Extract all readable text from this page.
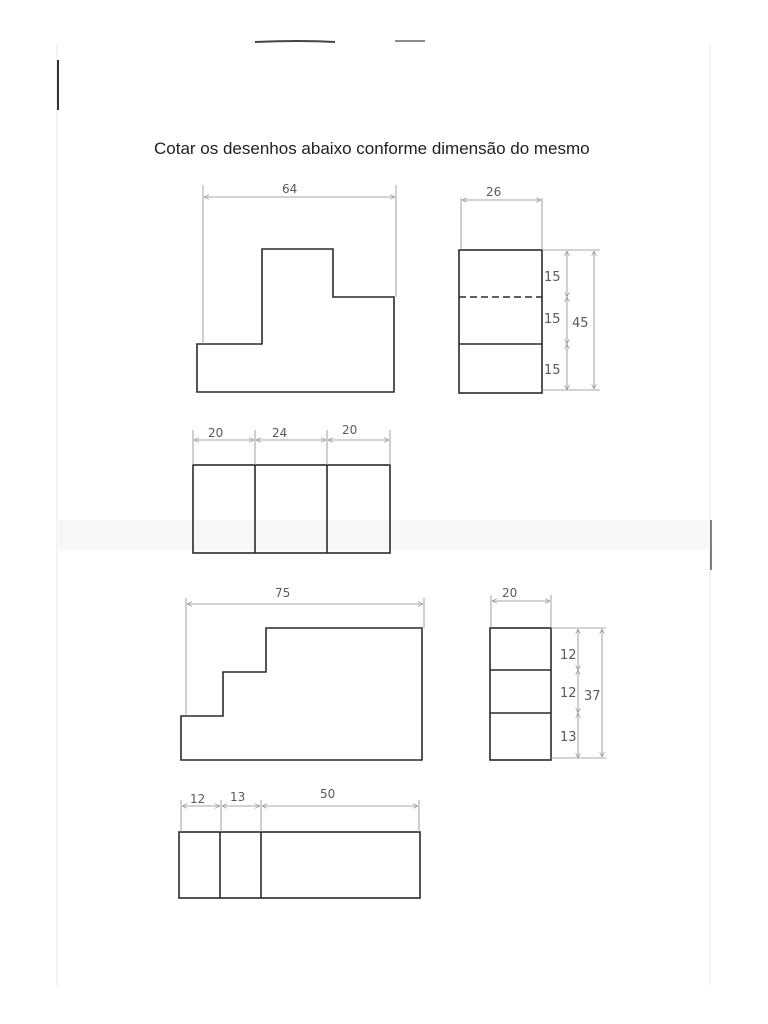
Cotar os desenhos abaixo conforme dimensão do mesmo
64	26
15
15
15
45
20	24	20
75	20
12
12
13
37
12 13	50
